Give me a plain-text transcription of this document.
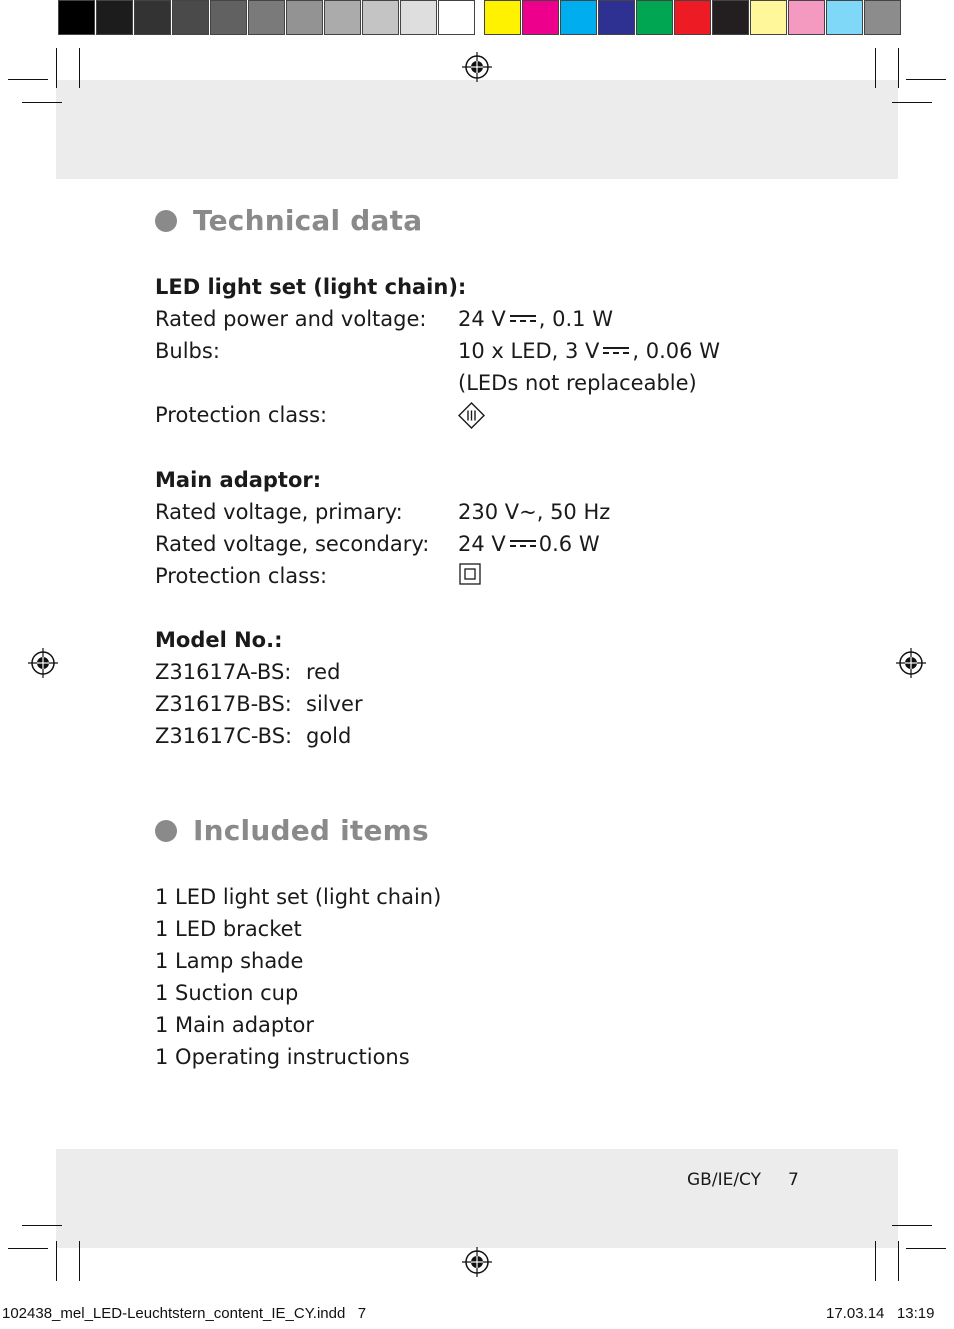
Technical data
LED light set (light chain):
Rated power and voltage: 24 V , 0.1 W
Bulbs:	10 x LED, 3 V , 0.06 W
(LEDs not replaceable)
Protection class:
Main adaptor:
Rated voltage, primary:	230 V~, 50 Hz
Rated voltage, secondary: 24 V 0.6 W
Protection class:
Model No.:
Z31617A-BS: red
Z31617B-BS: silver
Z31617C-BS: gold
Included items
1 LED light set (light chain)
1 LED bracket
1 Lamp shade
1 Suction cup
1 Main adaptor
1 Operating instructions
GB/IE/CY 7
102438_mel_LED-Leuchtstern_content_IE_CY.indd   7	17.03.14   13:19
